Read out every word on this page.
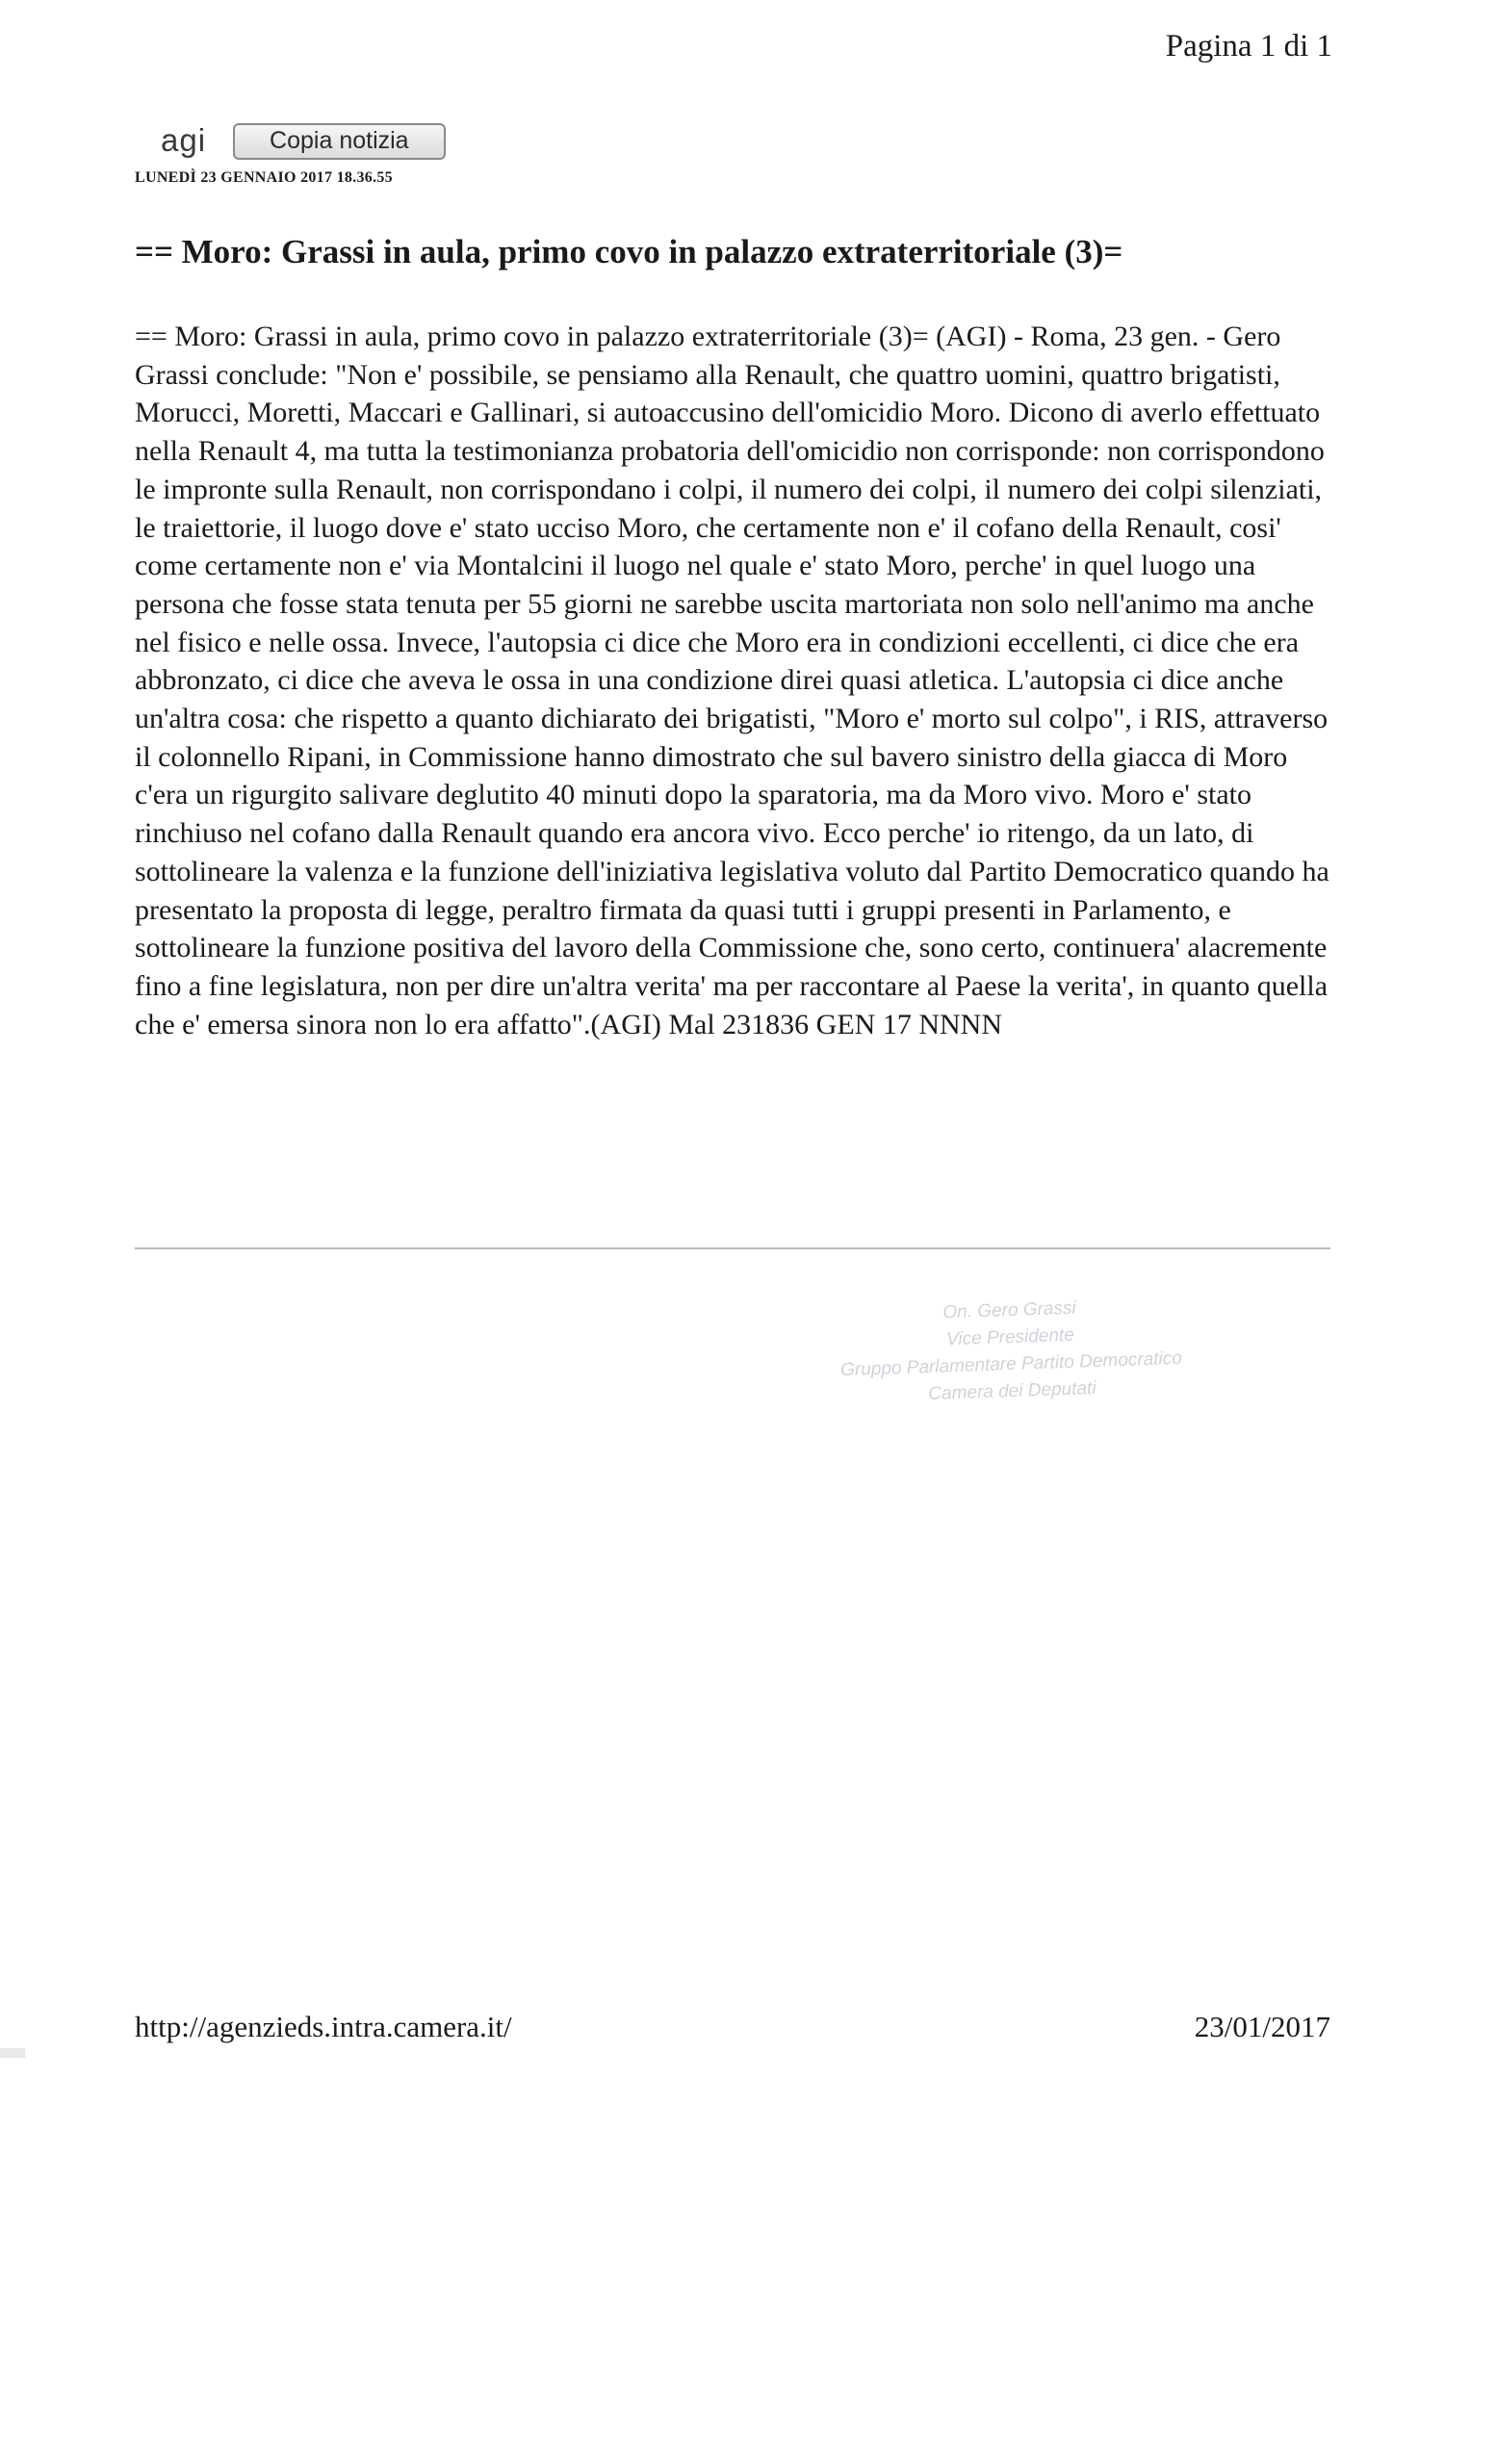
Pagina 1 di 1
agi	Copia notizia
LUNEDÌ 23 GENNAIO 2017 18.36.55
== Moro: Grassi in aula, primo covo in palazzo extraterritoriale (3)=

== Moro: Grassi in aula, primo covo in palazzo extraterritoriale (3)= (AGI) - Roma, 23 gen. - Gero Grassi conclude: "Non e' possibile, se pensiamo alla Renault, che quattro uomini, quattro brigatisti, Morucci, Moretti, Maccari e Gallinari, si autoaccusino dell'omicidio Moro. Dicono di averlo effettuato nella Renault 4, ma tutta la testimonianza probatoria dell'omicidio non corrisponde: non corrispondono le impronte sulla Renault, non corrispondano i colpi, il numero dei colpi, il numero dei colpi silenziati, le traiettorie, il luogo dove e' stato ucciso Moro, che certamente non e' il cofano della Renault, cosi' come certamente non e' via Montalcini il luogo nel quale e' stato Moro, perche' in quel luogo una persona che fosse stata tenuta per 55 giorni ne sarebbe uscita martoriata non solo nell'animo ma anche nel fisico e nelle ossa. Invece, l'autopsia ci dice che Moro era in condizioni eccellenti, ci dice che era abbronzato, ci dice che aveva le ossa in una condizione direi quasi atletica. L'autopsia ci dice anche un'altra cosa: che rispetto a quanto dichiarato dei brigatisti, "Moro e' morto sul colpo", i RIS, attraverso il colonnello Ripani, in Commissione hanno dimostrato che sul bavero sinistro della giacca di Moro c'era un rigurgito salivare deglutito 40 minuti dopo la sparatoria, ma da Moro vivo. Moro e' stato rinchiuso nel cofano dalla Renault quando era ancora vivo. Ecco perche' io ritengo, da un lato, di sottolineare la valenza e la funzione dell'iniziativa legislativa voluto dal Partito Democratico quando ha presentato la proposta di legge, peraltro firmata da quasi tutti i gruppi presenti in Parlamento, e sottolineare la funzione positiva del lavoro della Commissione che, sono certo, continuera' alacremente fino a fine legislatura, non per dire un'altra verita' ma per raccontare al Paese la verita', in quanto quella che e' emersa sinora non lo era affatto".(AGI) Mal 231836 GEN 17 NNNN

On. Gero Grassi
Vice Presidente
Gruppo Parlamentare Partito Democratico
Camera dei Deputati
http://agenzieds.intra.camera.it/	23/01/2017
